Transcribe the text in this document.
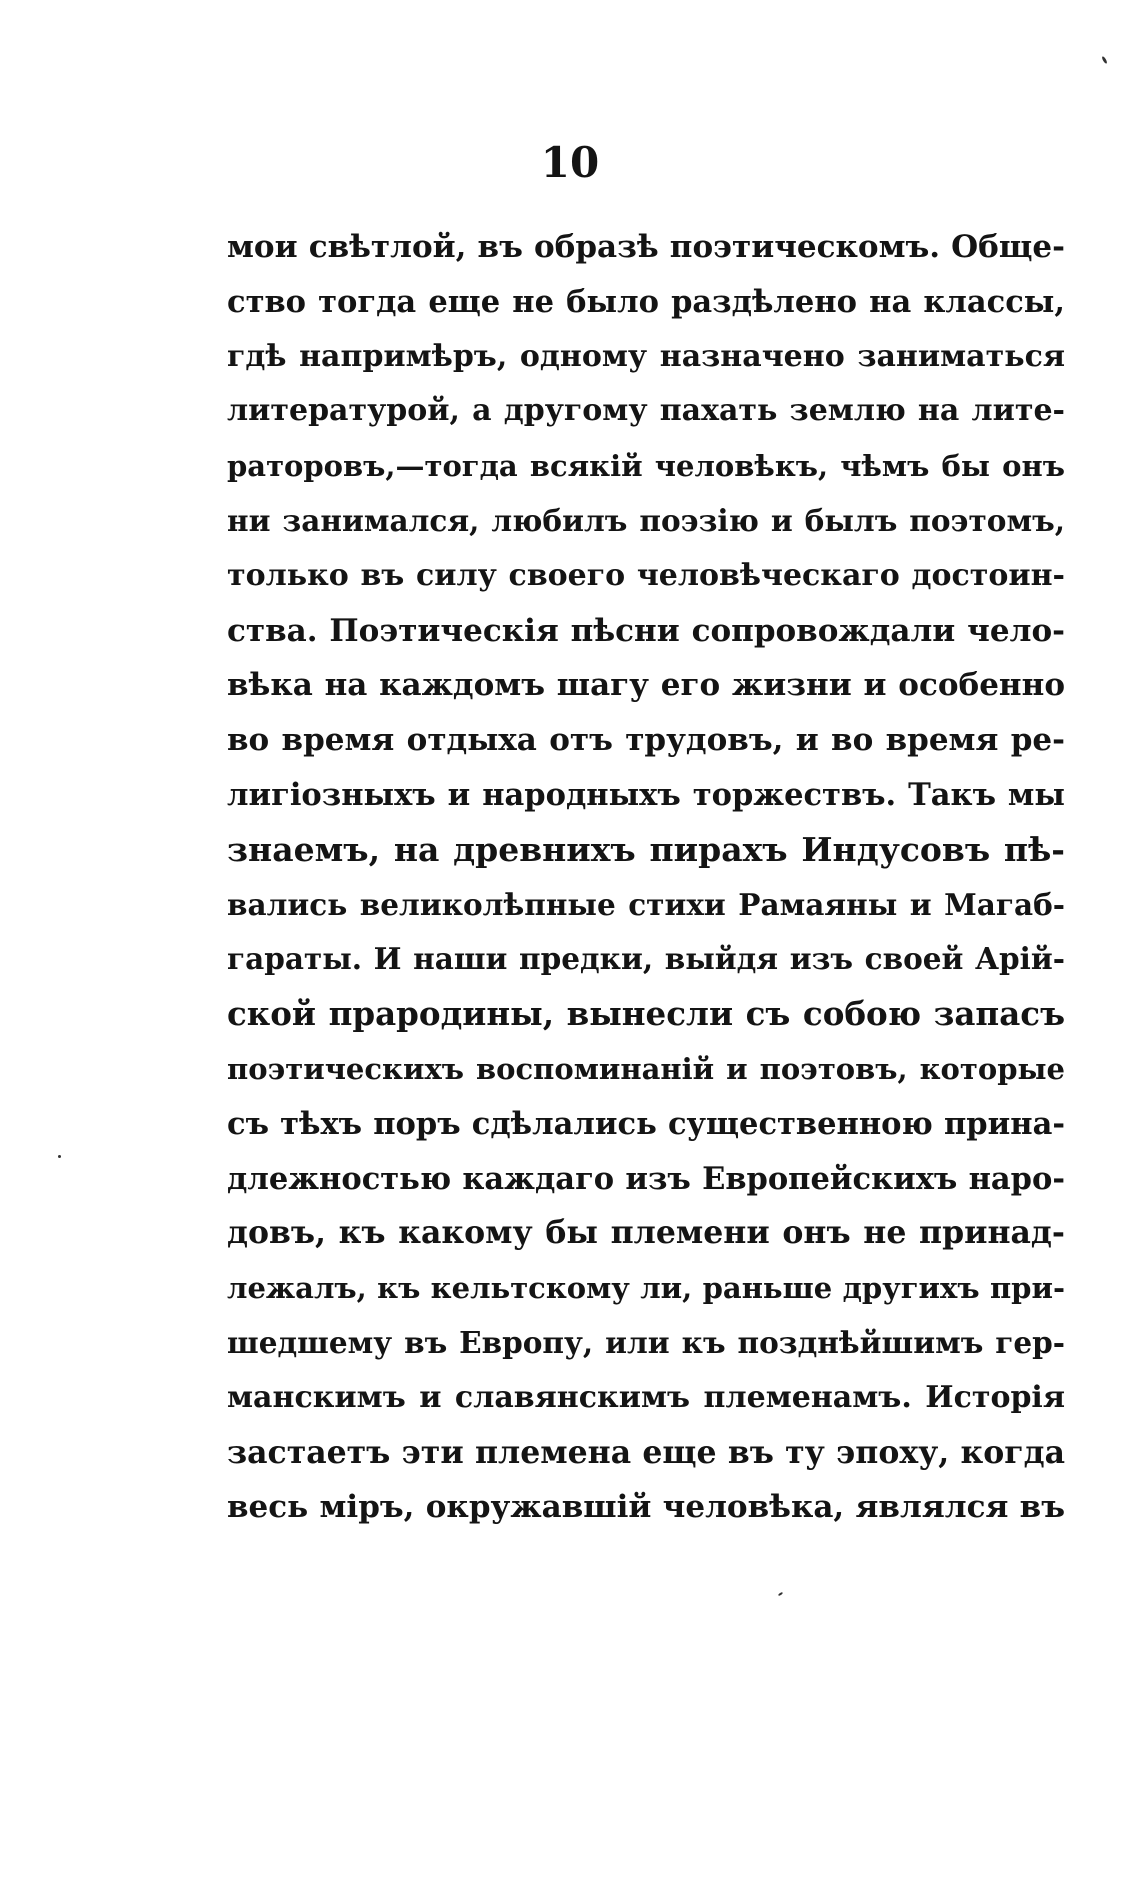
10
мои свѣтлой, въ образѣ поэтическомъ. Обще-
ство тогда еще не было раздѣлено на классы,
гдѣ напримѣръ, одному назначено заниматься
литературой, а другому пахать землю на лите-
раторовъ,—тогда всякій человѣкъ, чѣмъ бы онъ
ни занимался, любилъ поэзію и былъ поэтомъ,
только въ силу своего человѣческаго достоин-
ства. Поэтическія пѣсни сопровождали чело-
вѣка на каждомъ шагу его жизни и особенно
во время отдыха отъ трудовъ, и во время ре-
лигіозныхъ и народныхъ торжествъ. Такъ мы
знаемъ, на древнихъ пирахъ Индусовъ пѣ-
вались великолѣпные стихи Рамаяны и Магаб-
гараты. И наши предки, выйдя изъ своей Арій-
ской прародины, вынесли съ собою запасъ
поэтическихъ воспоминаній и поэтовъ, которые
съ тѣхъ поръ сдѣлались существенною прина-
длежностью каждаго изъ Европейскихъ наро-
довъ, къ какому бы племени онъ не принад-
лежалъ, къ кельтскому ли, раньше другихъ при-
шедшему въ Европу, или къ позднѣйшимъ гер-
манскимъ и славянскимъ племенамъ. Исторія
застаетъ эти племена еще въ ту эпоху, когда
весь міръ, окружавшій человѣка, являлся въ
